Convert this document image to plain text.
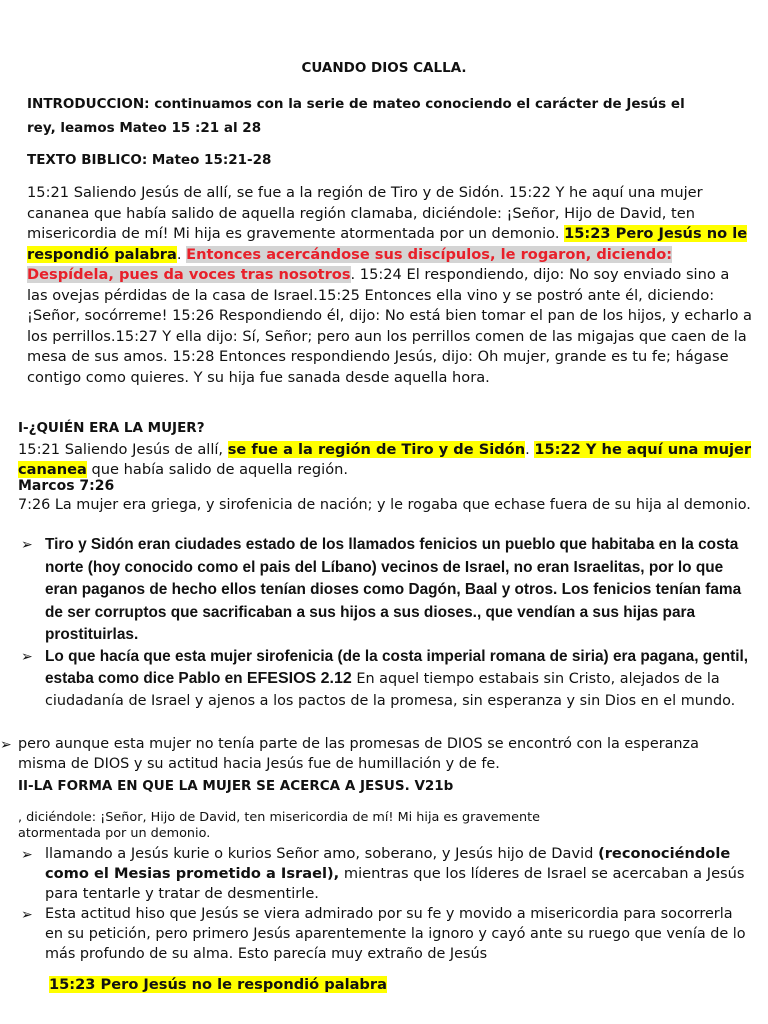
CUANDO DIOS CALLA.
INTRODUCCION: continuamos con la serie de mateo conociendo el carácter de Jesús el
rey, leamos Mateo 15 :21 al 28
TEXTO BIBLICO: Mateo 15:21-28
15:21 Saliendo Jesús de allí, se fue a la región de Tiro y de Sidón. 15:22 Y he aquí una mujer cananea que había salido de aquella región clamaba, diciéndole: ¡Señor, Hijo de David, ten misericordia de mí! Mi hija es gravemente atormentada por un demonio. 15:23 Pero Jesús no le respondió palabra. Entonces acercándose sus discípulos, le rogaron, diciendo: Despídela, pues da voces tras nosotros. 15:24 El respondiendo, dijo: No soy enviado sino a las ovejas pérdidas de la casa de Israel.15:25 Entonces ella vino y se postró ante él, diciendo: ¡Señor, socórreme! 15:26 Respondiendo él, dijo: No está bien tomar el pan de los hijos, y echarlo a los perrillos.15:27 Y ella dijo: Sí, Señor; pero aun los perrillos comen de las migajas que caen de la mesa de sus amos. 15:28 Entonces respondiendo Jesús, dijo: Oh mujer, grande es tu fe; hágase contigo como quieres. Y su hija fue sanada desde aquella hora.
I-¿QUIÉN ERA LA MUJER?
15:21 Saliendo Jesús de allí, se fue a la región de Tiro y de Sidón. 15:22 Y he aquí una mujer cananea que había salido de aquella región.
Marcos 7:26
7:26 La mujer era griega, y sirofenicia de nación; y le rogaba que echase fuera de su hija al demonio.
➢ Tiro y Sidón eran ciudades estado de los llamados fenicios un pueblo que habitaba en la costa norte (hoy conocido como el pais del Líbano) vecinos de Israel, no eran Israelitas, por lo que eran paganos de hecho ellos tenían dioses como Dagón, Baal y otros. Los fenicios tenían fama de ser corruptos que sacrificaban a sus hijos a sus dioses., que vendían a sus hijas para prostituirlas.
➢ Lo que hacía que esta mujer sirofenicia (de la costa imperial romana de siria) era pagana, gentil, estaba como dice Pablo en EFESIOS 2.12 En aquel tiempo estabais sin Cristo, alejados de la ciudadanía de Israel y ajenos a los pactos de la promesa, sin esperanza y sin Dios en el mundo.
➢ pero aunque esta mujer no tenía parte de las promesas de DIOS se encontró con la esperanza misma de DIOS y su actitud hacia Jesús fue de humillación y de fe.
II-LA FORMA EN QUE LA MUJER SE ACERCA A JESUS. V21b
, diciéndole: ¡Señor, Hijo de David, ten misericordia de mí! Mi hija es gravemente
atormentada por un demonio.
➢ llamando a Jesús kurie o kurios Señor amo, soberano, y Jesús hijo de David (reconociéndole como el Mesias prometido a Israel), mientras que los líderes de Israel se acercaban a Jesús para tentarle y tratar de desmentirle.
➢ Esta actitud hiso que Jesús se viera admirado por su fe y movido a misericordia para socorrerla en su petición, pero primero Jesús aparentemente la ignoro y cayó ante su ruego que venía de lo más profundo de su alma. Esto parecía muy extraño de Jesús
15:23 Pero Jesús no le respondió palabra
